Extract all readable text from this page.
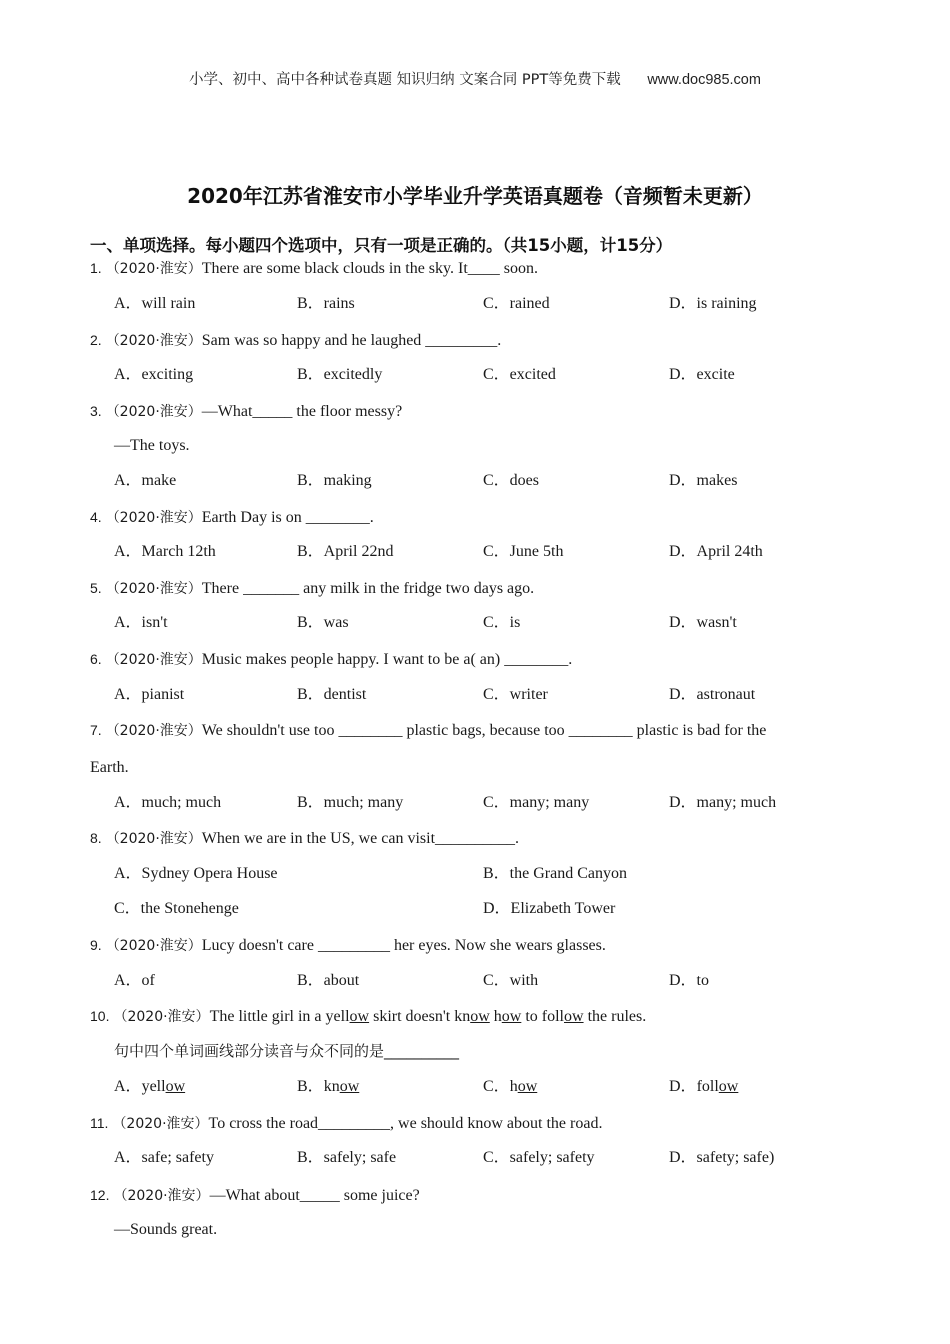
小学、初中、高中各种试卷真题 知识归纳 文案合同 PPT等免费下载 www.doc985.com
2020年江苏省淮安市小学毕业升学英语真题卷（音频暂未更新）
一、单项选择。每小题四个选项中，只有一项是正确的。（共15小题，计15分）
1. （2020·淮安）There are some black clouds in the sky. It____ soon.
A．will rain	B．rains	C．rained	D．is raining
2. （2020·淮安）Sam was so happy and he laughed _________.
A．exciting	B．excitedly	C．excited	D．excite
3. （2020·淮安）—What_____ the floor messy?
—The toys.
A．make	B．making	C．does	D．makes
4. （2020·淮安）Earth Day is on ________.
A．March 12th	B．April 22nd	C．June 5th	D．April 24th
5. （2020·淮安）There _______ any milk in the fridge two days ago.
A．isn't	B．was	C．is	D．wasn't
6. （2020·淮安）Music makes people happy. I want to be a( an) ________.
A．pianist	B．dentist	C．writer	D．astronaut
7. （2020·淮安）We shouldn't use too ________ plastic bags, because too ________ plastic is bad for the
Earth.
A．much; much	B．much; many	C．many; many	D．many; much
8. （2020·淮安）When we are in the US, we can visit__________.
A．Sydney Opera House	B．the Grand Canyon
C．the Stonehenge	D．Elizabeth Tower
9. （2020·淮安）Lucy doesn't care _________ her eyes. Now she wears glasses.
A．of	B．about	C．with	D．to
10. （2020·淮安）The little girl in a yellow skirt doesn't know how to follow the rules.
句中四个单词画线部分读音与众不同的是__________
A．yellow	B．know	C．how	D．follow
11. （2020·淮安）To cross the road_________, we should know about the road.
A．safe; safety	B．safely; safe	C．safely; safety	D．safety; safe)
12. （2020·淮安）—What about_____ some juice?
—Sounds great.
